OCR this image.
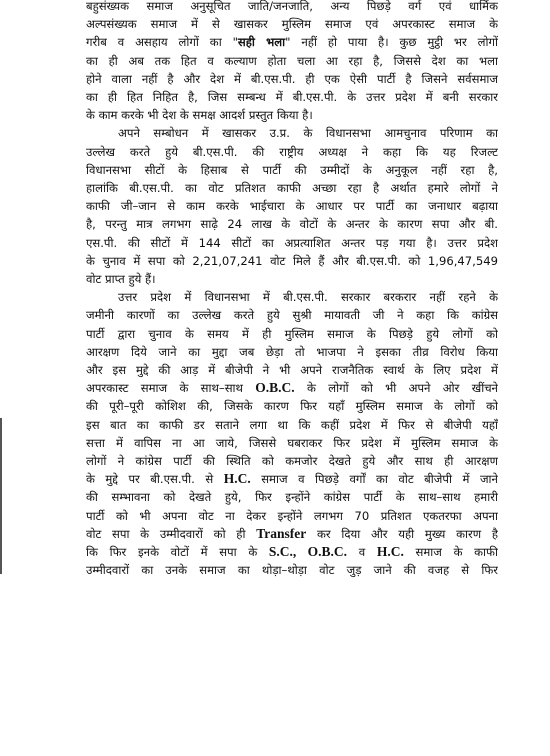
बहुसंख्यक समाज अनुसूचित जाति/जनजाति, अन्य पिछड़े वर्ग एवं धार्मिक
अल्पसंख्यक समाज में से खासकर मुस्लिम समाज एवं अपरकास्ट समाज के
गरीब व असहाय लोगों का "सही भला" नहीं हो पाया है। कुछ मुट्ठी भर लोगों
का ही अब तक हित व कल्याण होता चला आ रहा है, जिससे देश का भला
होने वाला नहीं है और देश में बी.एस.पी. ही एक ऐसी पार्टी है जिसने सर्वसमाज
का ही हित निहित है, जिस सम्बन्ध में बी.एस.पी. के उत्तर प्रदेश में बनी सरकार
के काम करके भी देश के समक्ष आदर्श प्रस्तुत किया है।
अपने सम्बोधन में खासकर उ.प्र. के विधानसभा आमचुनाव परिणाम का
उल्लेख करते हुये बी.एस.पी. की राष्ट्रीय अध्यक्ष ने कहा कि यह रिजल्ट
विधानसभा सीटों के हिसाब से पार्टी की उम्मीदों के अनुकूल नहीं रहा है,
हालांकि बी.एस.पी. का वोट प्रतिशत काफी अच्छा रहा है अर्थात हमारे लोगों ने
काफी जी–जान से काम करके भाईचारा के आधार पर पार्टी का जनाधार बढ़ाया
है, परन्तु मात्र लगभग साढ़े 24 लाख के वोटों के अन्तर के कारण सपा और बी.
एस.पी. की सीटों में 144 सीटों का अप्रत्याशित अन्तर पड़ गया है। उत्तर प्रदेश
के चुनाव में सपा को 2,21,07,241 वोट मिले हैं और बी.एस.पी. को 1,96,47,549
वोट प्राप्त हुये हैं।
उत्तर प्रदेश में विधानसभा में बी.एस.पी. सरकार बरकरार नहीं रहने के
जमीनी कारणों का उल्लेख करते हुये सुश्री मायावती जी ने कहा कि कांग्रेस
पार्टी द्वारा चुनाव के समय में ही मुस्लिम समाज के पिछड़े हुये लोगों को
आरक्षण दिये जाने का मुद्दा जब छेड़ा तो भाजपा ने इसका तीव्र विरोध किया
और इस मुद्दे की आड़ में बीजेपी ने भी अपने राजनैतिक स्वार्थ के लिए प्रदेश में
अपरकास्ट समाज के साथ–साथ O.B.C. के लोगों को भी अपने ओर खींचने
की पूरी–पूरी कोशिश की, जिसके कारण फिर यहाँ मुस्लिम समाज के लोगों को
इस बात का काफी डर सताने लगा था कि कहीं प्रदेश में फिर से बीजेपी यहाँ
सत्ता में वापिस ना आ जाये, जिससे घबराकर फिर प्रदेश में मुस्लिम समाज के
लोगों ने कांग्रेस पार्टी की स्थिति को कमजोर देखते हुये और साथ ही आरक्षण
के मुद्दे पर बी.एस.पी. से H.C. समाज व पिछड़े वर्गों का वोट बीजेपी में जाने
की सम्भावना को देखते हुये, फिर इन्होंने कांग्रेस पार्टी के साथ–साथ हमारी
पार्टी को भी अपना वोट ना देकर इन्होंने लगभग 70 प्रतिशत एकतरफा अपना
वोट सपा के उम्मीदवारों को ही Transfer कर दिया और यही मुख्य कारण है
कि फिर इनके वोटों में सपा के S.C., O.B.C. व H.C. समाज के काफी
उम्मीदवारों का उनके समाज का थोड़ा–थोड़ा वोट जुड़ जाने की वजह से फिर
